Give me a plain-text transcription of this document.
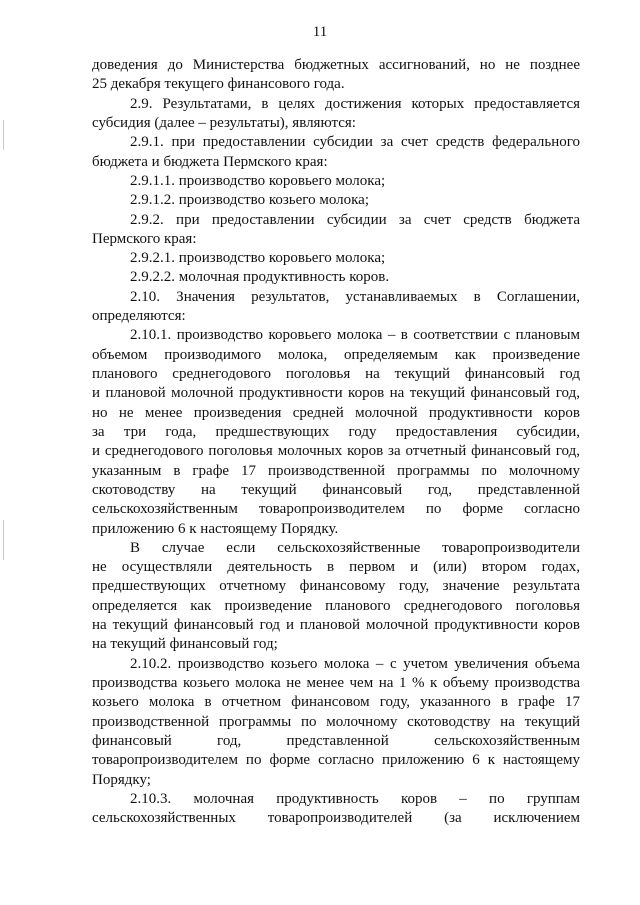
11
доведения до Министерства бюджетных ассигнований, но не позднее
25 декабря текущего финансового года.
2.9. Результатами, в целях достижения которых предоставляется
субсидия (далее – результаты), являются:
2.9.1. при предоставлении субсидии за счет средств федерального
бюджета и бюджета Пермского края:
2.9.1.1. производство коровьего молока;
2.9.1.2. производство козьего молока;
2.9.2. при предоставлении субсидии за счет средств бюджета
Пермского края:
2.9.2.1. производство коровьего молока;
2.9.2.2. молочная продуктивность коров.
2.10. Значения результатов, устанавливаемых в Соглашении,
определяются:
2.10.1. производство коровьего молока – в соответствии с плановым
объемом производимого молока, определяемым как произведение
планового среднегодового поголовья на текущий финансовый год
и плановой молочной продуктивности коров на текущий финансовый год,
но не менее произведения средней молочной продуктивности коров
за три года, предшествующих году предоставления субсидии,
и среднегодового поголовья молочных коров за отчетный финансовый год,
указанным в графе 17 производственной программы по молочному
скотоводству на текущий финансовый год, представленной
сельскохозяйственным товаропроизводителем по форме согласно
приложению 6 к настоящему Порядку.
В случае если сельскохозяйственные товаропроизводители
не осуществляли деятельность в первом и (или) втором годах,
предшествующих отчетному финансовому году, значение результата
определяется как произведение планового среднегодового поголовья
на текущий финансовый год и плановой молочной продуктивности коров
на текущий финансовый год;
2.10.2. производство козьего молока – с учетом увеличения объема
производства козьего молока не менее чем на 1 % к объему производства
козьего молока в отчетном финансовом году, указанного в графе 17
производственной программы по молочному скотоводству на текущий
финансовый год, представленной сельскохозяйственным
товаропроизводителем по форме согласно приложению 6 к настоящему
Порядку;
2.10.3. молочная продуктивность коров – по группам
сельскохозяйственных товаропроизводителей (за исключением
